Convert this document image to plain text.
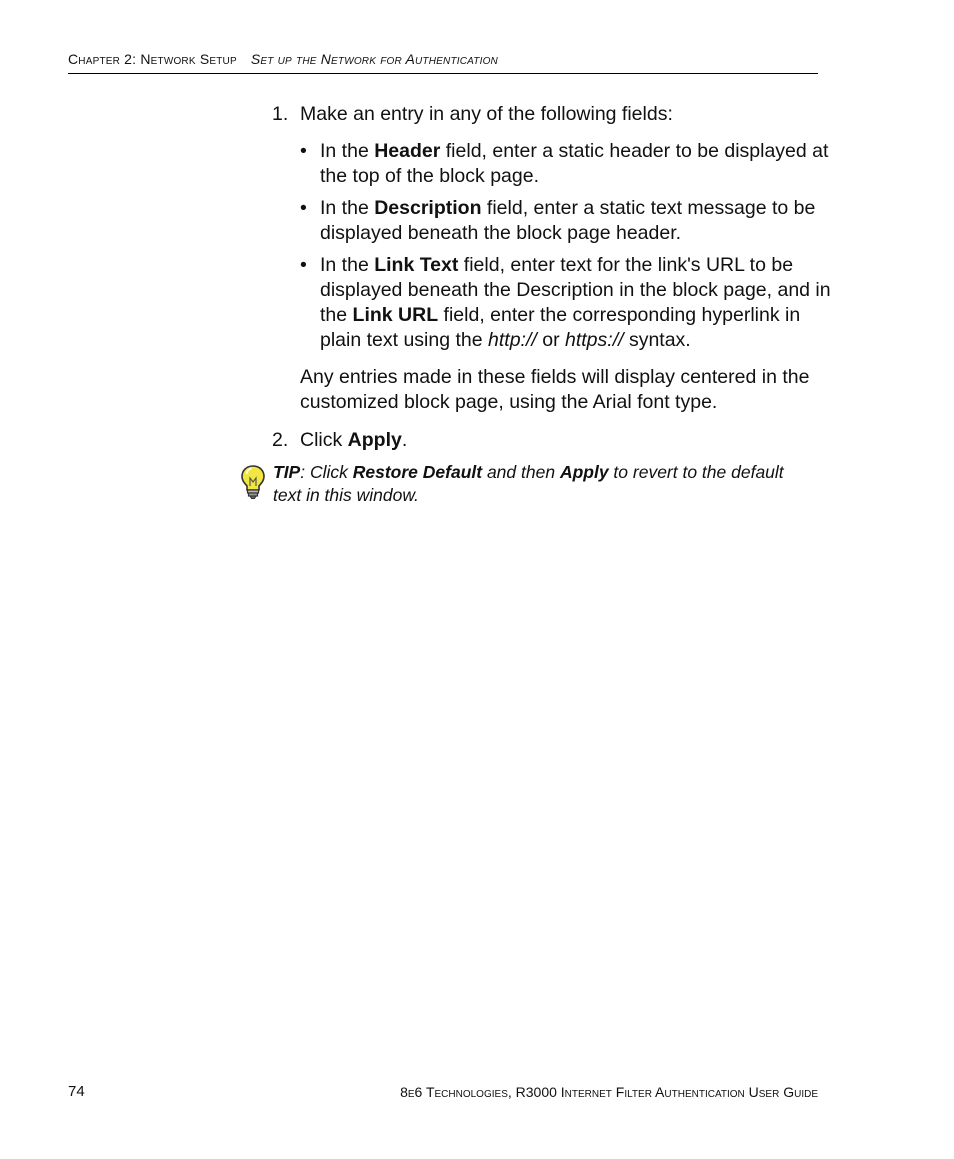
Chapter 2: Network Setup Set up the Network for Authentication
1. Make an entry in any of the following fields:
• In the Header field, enter a static header to be displayed at the top of the block page.
• In the Description field, enter a static text message to be displayed beneath the block page header.
• In the Link Text field, enter text for the link's URL to be displayed beneath the Description in the block page, and in the Link URL field, enter the corresponding hyperlink in plain text using the http:// or https:// syntax.
Any entries made in these fields will display centered in the customized block page, using the Arial font type.
2. Click Apply.
TIP: Click Restore Default and then Apply to revert to the default text in this window.
74	8e6 Technologies, R3000 Internet Filter Authentication User Guide
